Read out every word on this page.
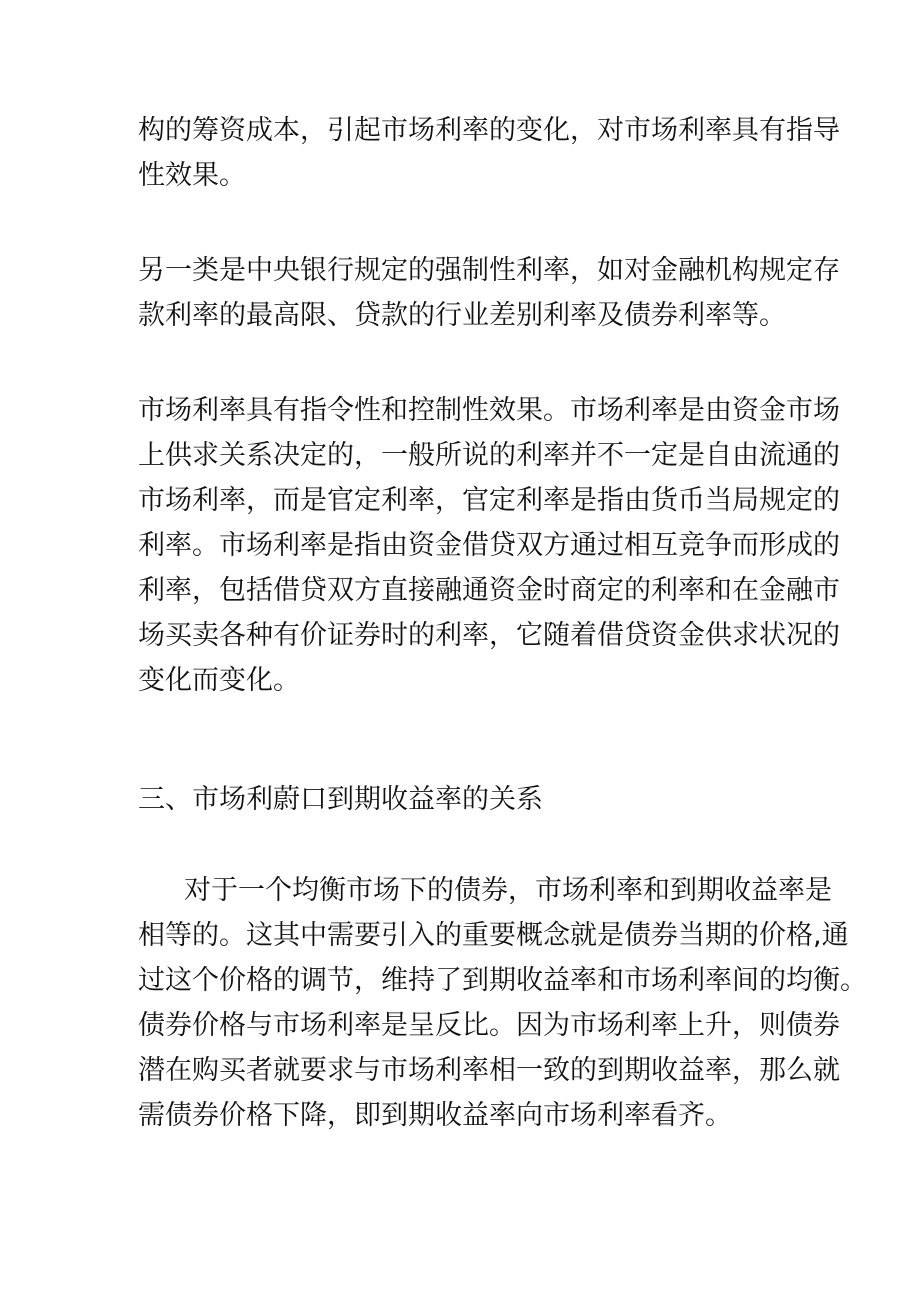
构的筹资成本，引起市场利率的变化，对市场利率具有指导
性效果。
另一类是中央银行规定的强制性利率，如对金融机构规定存
款利率的最高限、贷款的行业差别利率及债券利率等。
市场利率具有指令性和控制性效果。市场利率是由资金市场
上供求关系决定的，一般所说的利率并不一定是自由流通的
市场利率，而是官定利率，官定利率是指由货币当局规定的
利率。市场利率是指由资金借贷双方通过相互竞争而形成的
利率，包括借贷双方直接融通资金时商定的利率和在金融市
场买卖各种有价证券时的利率，它随着借贷资金供求状况的
变化而变化。
三、市场利蔚口到期收益率的关系
对于一个均衡市场下的债券，市场利率和到期收益率是
相等的。这其中需要引入的重要概念就是债券当期的价格,通
过这个价格的调节，维持了到期收益率和市场利率间的均衡。
债券价格与市场利率是呈反比。因为市场利率上升，则债券
潜在购买者就要求与市场利率相一致的到期收益率，那么就
需债券价格下降，即到期收益率向市场利率看齐。
